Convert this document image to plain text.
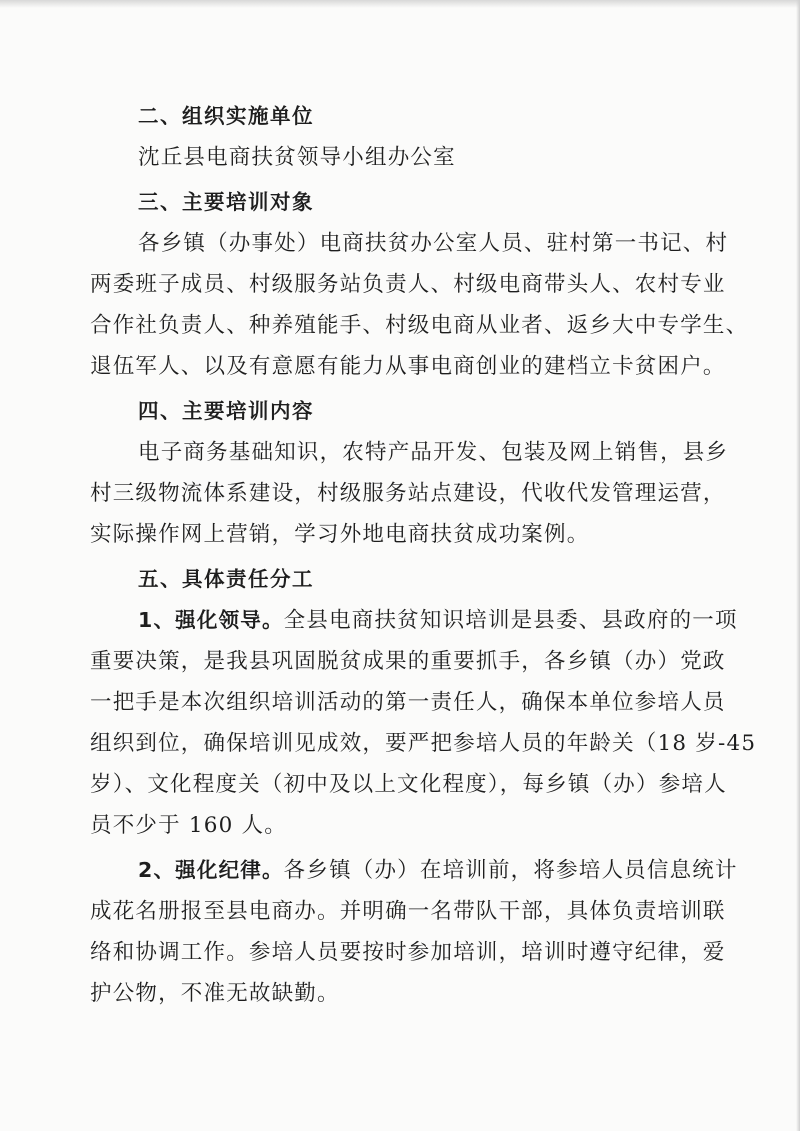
二、组织实施单位
沈丘县电商扶贫领导小组办公室
三、主要培训对象
各乡镇（办事处）电商扶贫办公室人员、驻村第一书记、村
两委班子成员、村级服务站负责人、村级电商带头人、农村专业
合作社负责人、种养殖能手、村级电商从业者、返乡大中专学生、
退伍军人、以及有意愿有能力从事电商创业的建档立卡贫困户。
四、主要培训内容
电子商务基础知识，农特产品开发、包装及网上销售，县乡
村三级物流体系建设，村级服务站点建设，代收代发管理运营，
实际操作网上营销，学习外地电商扶贫成功案例。
五、具体责任分工
1、强化领导。全县电商扶贫知识培训是县委、县政府的一项
重要决策，是我县巩固脱贫成果的重要抓手，各乡镇（办）党政
一把手是本次组织培训活动的第一责任人，确保本单位参培人员
组织到位，确保培训见成效，要严把参培人员的年龄关（18 岁-45
岁）、文化程度关（初中及以上文化程度），每乡镇（办）参培人
员不少于 160 人。
2、强化纪律。各乡镇（办）在培训前，将参培人员信息统计
成花名册报至县电商办。并明确一名带队干部，具体负责培训联
络和协调工作。参培人员要按时参加培训，培训时遵守纪律，爱
护公物，不准无故缺勤。
